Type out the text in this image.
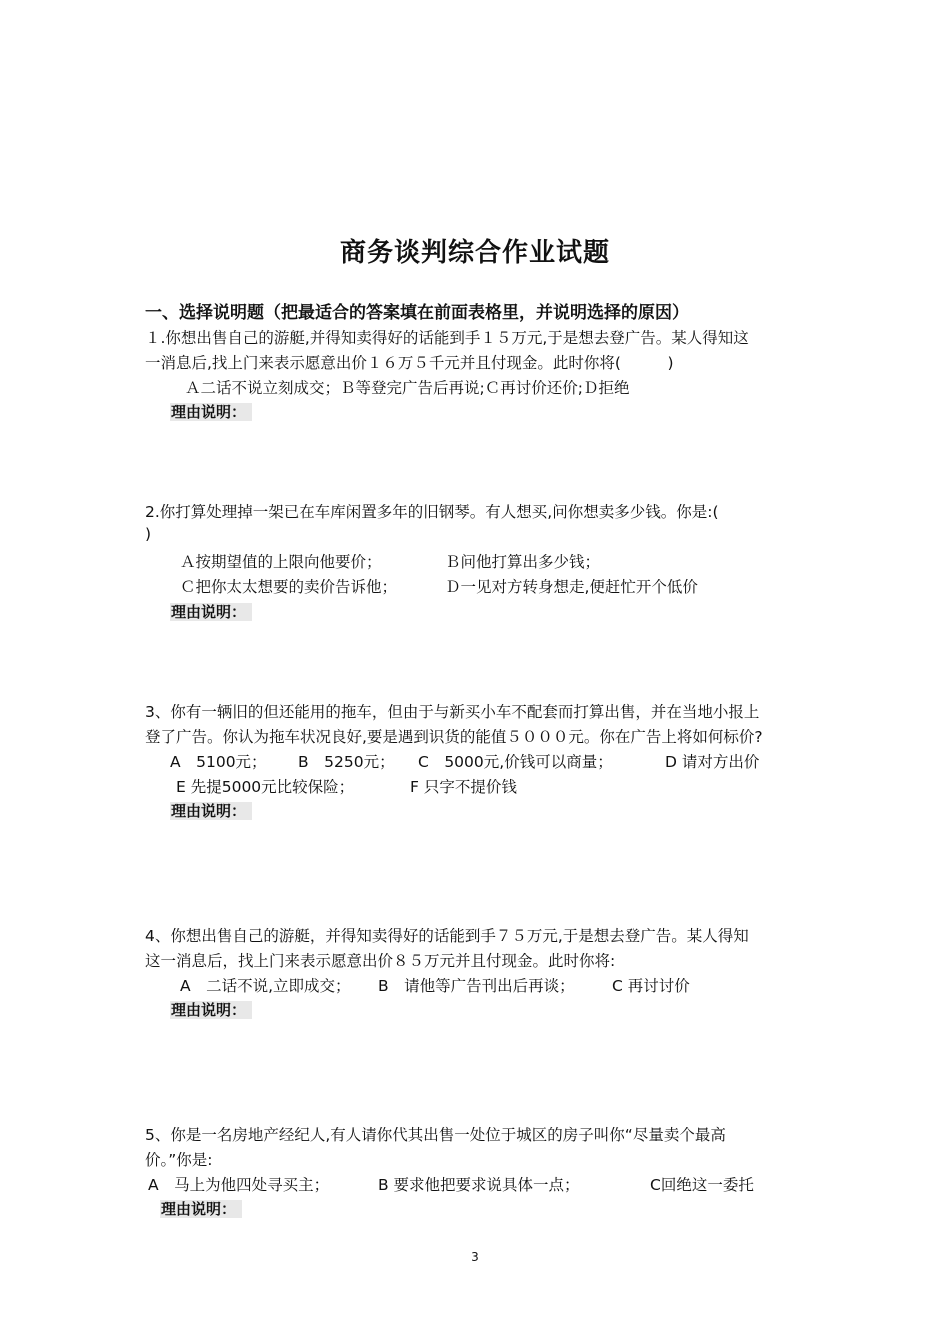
商务谈判综合作业试题
一、选择说明题（把最适合的答案填在前面表格里，并说明选择的原因）
１.你想出售自己的游艇,并得知卖得好的话能到手１５万元,于是想去登广告。某人得知这
一消息后,找上门来表示愿意出价１６万５千元并且付现金。此时你将(　　　)
Ａ二话不说立刻成交；Ｂ等登完广告后再说;Ｃ再讨价还价;Ｄ拒绝
理由说明：
2.你打算处理掉一架已在车库闲置多年的旧钢琴。有人想买,问你想卖多少钱。你是:(
)
Ａ按期望值的上限向他要价；	Ｂ问他打算出多少钱；
Ｃ把你太太想要的卖价告诉他；	Ｄ一见对方转身想走,便赶忙开个低价
理由说明：
3、你有一辆旧的但还能用的拖车，但由于与新买小车不配套而打算出售，并在当地小报上
登了广告。你认为拖车状况良好,要是遇到识货的能值５０００元。你在广告上将如何标价?
A　5100元； B　5250元； C　5000元,价钱可以商量；	D 请对方出价
E 先提5000元比较保险；	F 只字不提价钱
理由说明：
4、你想出售自己的游艇，并得知卖得好的话能到手７５万元,于是想去登广告。某人得知
这一消息后，找上门来表示愿意出价８５万元并且付现金。此时你将:
A　二话不说,立即成交； B　请他等广告刊出后再谈； C 再讨讨价
理由说明：
5、你是一名房地产经纪人,有人请你代其出售一处位于城区的房子叫你“尽量卖个最高
价。”你是:
A　马上为他四处寻买主；	B 要求他把要求说具体一点；	C回绝这一委托
理由说明：
3
